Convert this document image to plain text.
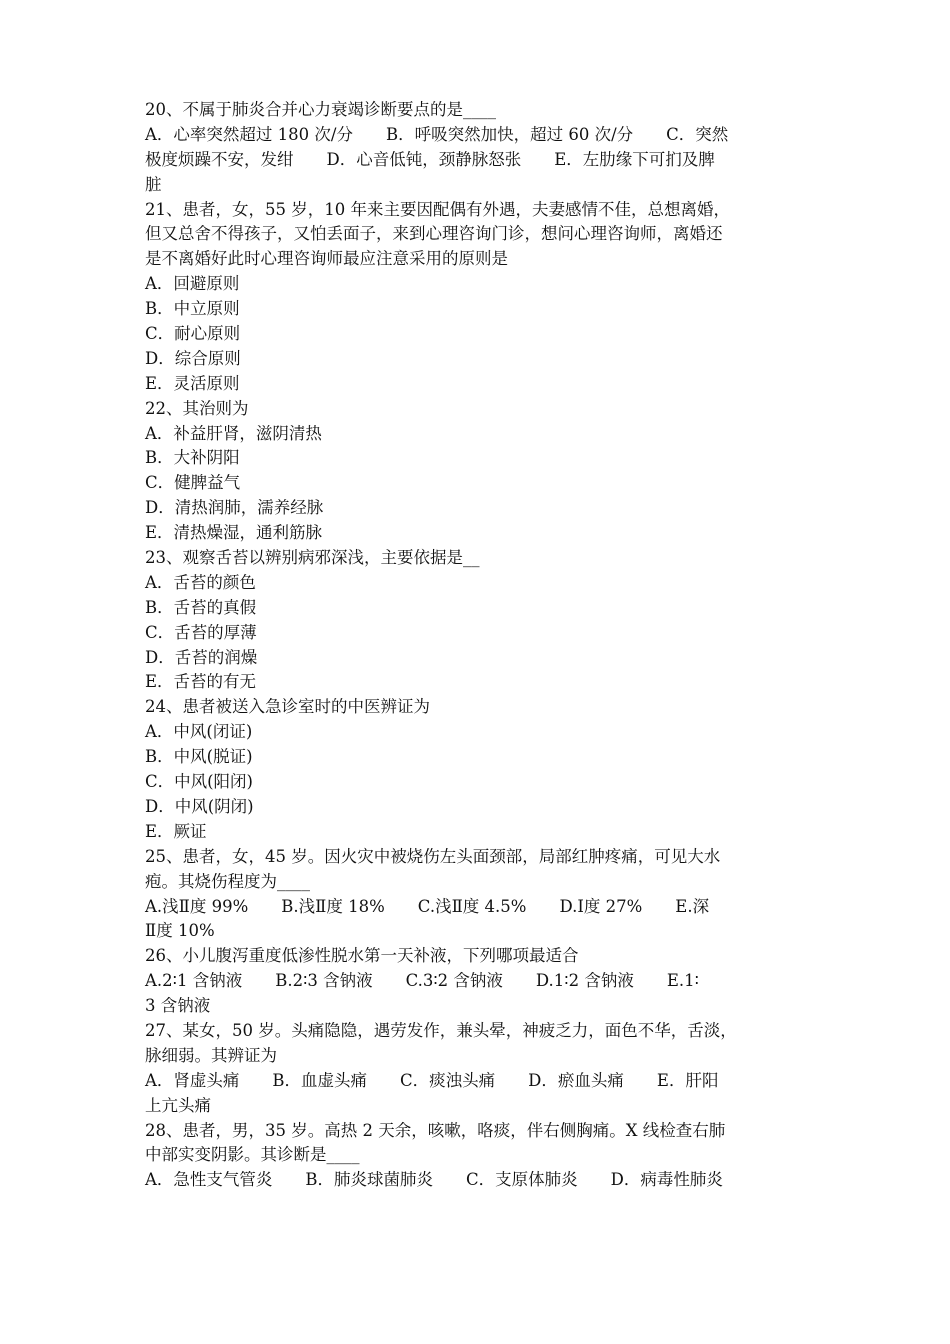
20、不属于肺炎合并心力衰竭诊断要点的是____
A．心率突然超过 180 次/分　　B．呼吸突然加快，超过 60 次/分　　C．突然
极度烦躁不安，发绀　　D．心音低钝，颈静脉怒张　　E．左肋缘下可扪及脾
脏
21、患者，女，55 岁，10 年来主要因配偶有外遇，夫妻感情不佳，总想离婚，
但又总舍不得孩子，又怕丢面子，来到心理咨询门诊，想问心理咨询师，离婚还
是不离婚好此时心理咨询师最应注意采用的原则是
A．回避原则
B．中立原则
C．耐心原则
D．综合原则
E．灵活原则
22、其治则为
A．补益肝肾，滋阴清热
B．大补阴阳
C．健脾益气
D．清热润肺，濡养经脉
E．清热燥湿，通利筋脉
23、观察舌苔以辨别病邪深浅，主要依据是__
A．舌苔的颜色
B．舌苔的真假
C．舌苔的厚薄
D．舌苔的润燥
E．舌苔的有无
24、患者被送入急诊室时的中医辨证为
A．中风(闭证)
B．中风(脱证)
C．中风(阳闭)
D．中风(阴闭)
E．厥证
25、患者，女，45 岁。因火灾中被烧伤左头面颈部，局部红肿疼痛，可见大水
疱。其烧伤程度为____
A.浅Ⅱ度 99%　　B.浅Ⅱ度 18%　　C.浅Ⅱ度 4.5%　　D.Ⅰ度 27%　　E.深
Ⅱ度 10%
26、小儿腹泻重度低渗性脱水第一天补液，下列哪项最适合
A.2∶1 含钠液　　B.2∶3 含钠液　　C.3∶2 含钠液　　D.1∶2 含钠液　　E.1∶
3 含钠液
27、某女，50 岁。头痛隐隐，遇劳发作，兼头晕，神疲乏力，面色不华，舌淡，
脉细弱。其辨证为
A．肾虚头痛　　B．血虚头痛　　C．痰浊头痛　　D．瘀血头痛　　E．肝阳
上亢头痛
28、患者，男，35 岁。高热 2 天余，咳嗽，咯痰，伴右侧胸痛。X 线检查右肺
中部实变阴影。其诊断是____
A．急性支气管炎　　B．肺炎球菌肺炎　　C．支原体肺炎　　D．病毒性肺炎
